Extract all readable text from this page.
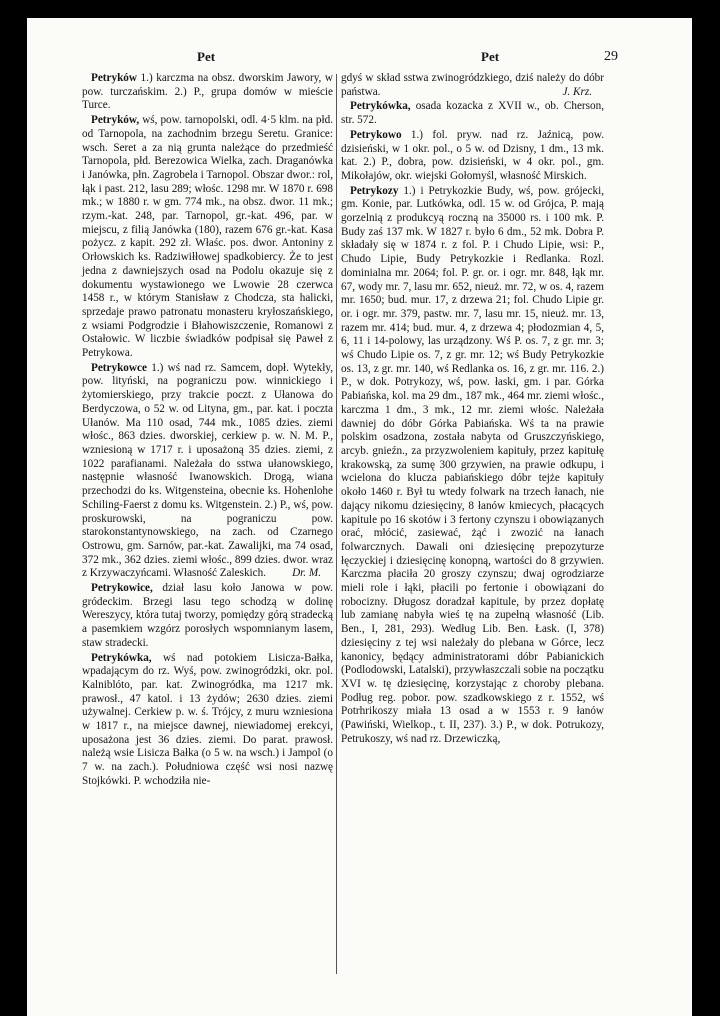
Pet	Pet	29

Petryków 1.) karczma na obsz. dworskim Jawory, w pow. turczańskim. 2.) P., grupa domów w mieście Turce.

Petryków, wś, pow. tarnopolski, odl. 4·5 klm. na płd. od Tarnopola, na zachodnim brzegu Seretu. Granice: wsch. Seret a za nią grunta należące do przedmieść Tarnopola, płd. Berezowica Wielka, zach. Draganówka i Janówka, płn. Zagrobela i Tarnopol. Obszar dwor.: rol, łąk i past. 212, lasu 289; włośc. 1298 mr. W 1870 r. 698 mk.; w 1880 r. w gm. 774 mk., na obsz. dwor. 11 mk.; rzym.-kat. 248, par. Tarnopol, gr.-kat. 496, par. w miejscu, z filią Janówka (180), razem 676 gr.-kat. Kasa pożycz. z kapit. 292 zł. Właśc. pos. dwor. Antoniny z Orłowskich ks. Radziwiłłowej spadkobiercy. Że to jest jedna z dawniejszych osad na Podolu okazuje się z dokumentu wystawionego we Lwowie 28 czerwca 1458 r., w którym Stanisław z Chodcza, sta halicki, sprzedaje prawo patronatu monasteru kryłoszańskiego, z wsiami Podgrodzie i Błahowiszczenie, Romanowi z Ostałowic. W liczbie świadków podpisał się Paweł z Petrykowa.

Petrykowce 1.) wś nad rz. Samcem, dopł. Wytekły, pow. lityński, na pograniczu pow. winnickiego i żytomierskiego, przy trakcie poczt. z Ułanowa do Berdyczowa, o 52 w. od Lityna, gm., par. kat. i poczta Ułanów. Ma 110 osad, 744 mk., 1085 dzies. ziemi włośc., 863 dzies. dworskiej, cerkiew p. w. N. M. P., wzniesioną w 1717 r. i uposażoną 35 dzies. ziemi, z 1022 parafianami. Należała do sstwa ułanowskiego, następnie własność Iwanowskich. Drogą, wiana przechodzi do ks. Witgensteina, obecnie ks. Hohenlohe Schiling-Faerst z domu ks. Witgenstein. 2.) P., wś, pow. proskurowski, na pograniczu pow. starokonstantynowskiego, na zach. od Czarnego Ostrowu, gm. Sarnów, par.-kat. Zawalijki, ma 74 osad, 372 mk., 362 dzies. ziemi włośc., 899 dzies. dwor. wraz z Krzywaczyńcami. Własność Zaleskich.	Dr. M.

Petrykowice, dział lasu koło Janowa w pow. gródeckim. Brzegi lasu tego schodzą w dolinę Wereszycy, która tutaj tworzy, pomiędzy górą stradecką a pasemkiem wzgórz porosłych wspomnianym lasem, staw stradecki.

Petrykówka, wś nad potokiem Lisicza-Bałka, wpadającym do rz. Wyś, pow. zwinogródzki, okr. pol. Kalniblóto, par. kat. Zwinogródka, ma 1217 mk. prawosł., 47 katol. i 13 żydów; 2630 dzies. ziemi używalnej. Cerkiew p. w. ś. Trójcy, z muru wzniesiona w 1817 r., na miejsce dawnej, niewiadomej erekcyi, uposażona jest 36 dzies. ziemi. Do parat. prawosł. należą wsie Lisicza Bałka (o 5 w. na wsch.) i Jampol (o 7 w. na zach.). Południowa część wsi nosi nazwę Stojkówki. P. wchodziła nie-

gdyś w skład sstwa zwinogródzkiego, dziś należy do dóbr państwa.	J. Krz.

Petrykówka, osada kozacka z XVII w., ob. Cherson, str. 572.

Petrykowo 1.) fol. pryw. nad rz. Jaźnicą, pow. dzisieński, w 1 okr. pol., o 5 w. od Dzisny, 1 dm., 13 mk. kat. 2.) P., dobra, pow. dzisieński, w 4 okr. pol., gm. Mikołajów, okr. wiejski Gołomyśl, własność Mirskich.

Petrykozy 1.) i Petrykozkie Budy, wś, pow. grójecki, gm. Konie, par. Lutkówka, odl. 15 w. od Grójca, P. mają gorzelnią z produkcyą roczną na 35000 rs. i 100 mk. P. Budy zaś 137 mk. W 1827 r. było 6 dm., 52 mk. Dobra P. składały się w 1874 r. z fol. P. i Chudo Lipie, wsi: P., Chudo Lipie, Budy Petrykozkie i Redlanka. Rozl. dominialna mr. 2064; fol. P. gr. or. i ogr. mr. 848, łąk mr. 67, wody mr. 7, lasu mr. 652, nieuż. mr. 72, w os. 4, razem mr. 1650; bud. mur. 17, z drzewa 21; fol. Chudo Lipie gr. or. i ogr. mr. 379, pastw. mr. 7, lasu mr. 15, nieuż. mr. 13, razem mr. 414; bud. mur. 4, z drzewa 4; płodozmian 4, 5, 6, 11 i 14-polowy, las urządzony. Wś P. os. 7, z gr. mr. 3; wś Chudo Lipie os. 7, z gr. mr. 12; wś Budy Petrykozkie os. 13, z gr. mr. 140, wś Redlanka os. 16, z gr. mr. 116. 2.) P., w dok. Potrykozy, wś, pow. łaski, gm. i par. Górka Pabiańska, kol. ma 29 dm., 187 mk., 464 mr. ziemi włośc., karczma 1 dm., 3 mk., 12 mr. ziemi włośc. Należała dawniej do dóbr Górka Pabiańska. Wś ta na prawie polskim osadzona, została nabyta od Gruszczyńskiego, arcyb. gnieźn., za przyzwoleniem kapituły, przez kapitułę krakowską, za sumę 300 grzywien, na prawie odkupu, i wcielona do klucza pabiańskiego dóbr tejże kapituły około 1460 r. Był tu wtedy folwark na trzech łanach, nie dający nikomu dziesięciny, 8 łanów kmiecych, płacących kapitule po 16 skotów i 3 fertony czynszu i obowiązanych orać, młócić, zasiewać, żąć i zwozić na łanach folwarcznych. Dawali oni dziesięcinę prepozyturze łęczyckiej i dziesięcinę konopną, wartości do 8 grzywien. Karczma płaciła 20 groszy czynszu; dwaj ogrodziarze mieli role i łąki, płacili po fertonie i obowiązani do robocizny. Długosz doradzał kapitule, by przez dopłatę lub zamianę nabyła wieś tę na zupełną własność (Lib. Ben., I, 281, 293). Według Lib. Ben. Łask. (I, 378) dziesięciny z tej wsi należały do plebana w Górce, lecz kanonicy, będący administratorami dóbr Pabianickich (Podlodowski, Latalski), przywłaszczali sobie na początku XVI w. tę dziesięcinę, korzystając z choroby plebana. Podług reg. pobor. pow. szadkowskiego z r. 1552, wś Potrhrikoszy miała 13 osad a w 1553 r. 9 łanów (Pawiński, Wielkop., t. II, 237). 3.) P., w dok. Potrukozy, Petrukoszy, wś nad rz. Drzewiczką,
